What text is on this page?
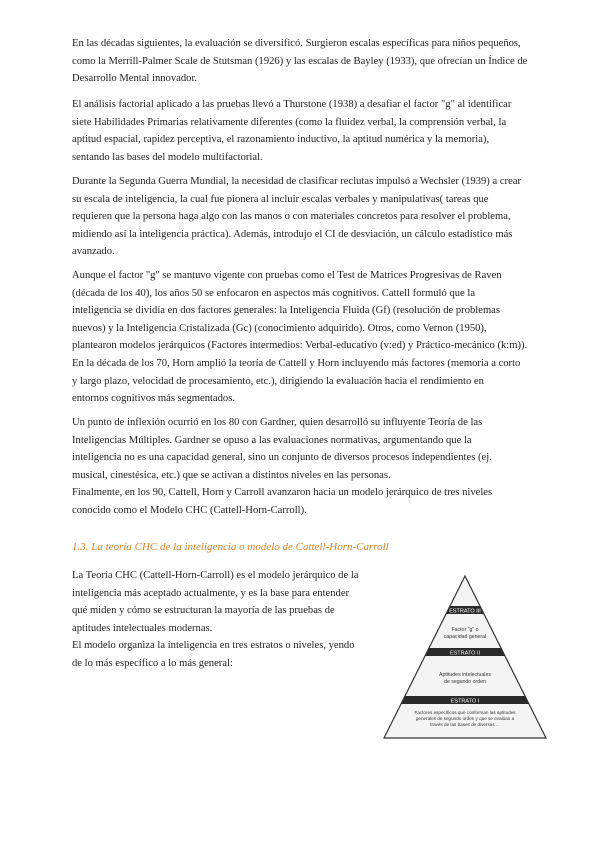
En las décadas siguientes, la evaluación se diversificó. Surgieron escalas específicas para niños pequeños,
como la Merrill-Palmer Scale de Stutsman (1926) y las escalas de Bayley (1933), que ofrecían un Índice de
Desarrollo Mental innovador.
El análisis factorial aplicado a las pruebas llevó a Thurstone (1938) a desafiar el factor "g" al identificar
siete Habilidades Primarias relativamente diferentes (como la fluidez verbal, la comprensión verbal, la
aptitud espacial, rapidez perceptiva, el razonamiento inductivo, la aptitud numérica y la memoria),
sentando las bases del modelo multifactorial.
Durante la Segunda Guerra Mundial, la necesidad de clasificar reclutas impulsó a Wechsler (1939) a crear
su escala de inteligencia, la cual fue pionera al incluir escalas verbales y manipulativas( tareas que
requieren que la persona haga algo con las manos o con materiales concretos para resolver el problema,
midiendo así la inteligencia práctica). Además, introdujo el CI de desviación, un cálculo estadístico más
avanzado.
Aunque el factor "g" se mantuvo vigente con pruebas como el Test de Matrices Progresivas de Raven
(década de los 40), los años 50 se enfocaron en aspectos más cognitivos. Cattell formuló que la
inteligencia se dividía en dos factores generales: la Inteligencia Fluida (Gf) (resolución de problemas
nuevos) y la Inteligencia Cristalizada (Gc) (conocimiento adquirido). Otros, como Vernon (1950),
plantearon modelos jerárquicos (Factores intermedios: Verbal-educativo (v:ed) y Práctico-mecánico (k:m)).
En la década de los 70, Horn amplió la teoría de Cattell y Horn incluyendo más factores (memoria a corto
y largo plazo, velocidad de procesamiento, etc.), dirigiendo la evaluación hacia el rendimiento en
entornos cognitivos más segmentados.
Un punto de inflexión ocurrió en los 80 con Gardner, quien desarrolló su influyente Teoría de las
Inteligencias Múltiples. Gardner se opuso a las evaluaciones normativas, argumentando que la
inteligencia no es una capacidad general, sino un conjunto de diversos procesos independientes (ej.
musical, cinestésica, etc.) que se activan a distintos niveles en las personas.
Finalmente, en los 90, Cattell, Horn y Carroll avanzaron hacia un modelo jerárquico de tres niveles
conocido como el Modelo CHC (Cattell-Horn-Carroll).

1.3. La teoría CHC de la inteligencia o modelo de Cattell-Horn-Carroll

La Teoría CHC (Cattell-Horn-Carroll) es el modelo jerárquico de la
inteligencia más aceptado actualmente, y es la base para entender
qué miden y cómo se estructuran la mayoría de las pruebas de
aptitudes intelectuales modernas.
El modelo organiza la inteligencia en tres estratos o niveles, yendo
de lo más específico a lo más general:
ESTRATO III
Factor "g" o
capacidad general
ESTRATO II
Aptitudes intelectuales
de segundo orden
ESTRATO I
Factores específicos que conforman las aptitudes
generales de segundo orden y que se evalúan a
través de las bases de diversas ...
